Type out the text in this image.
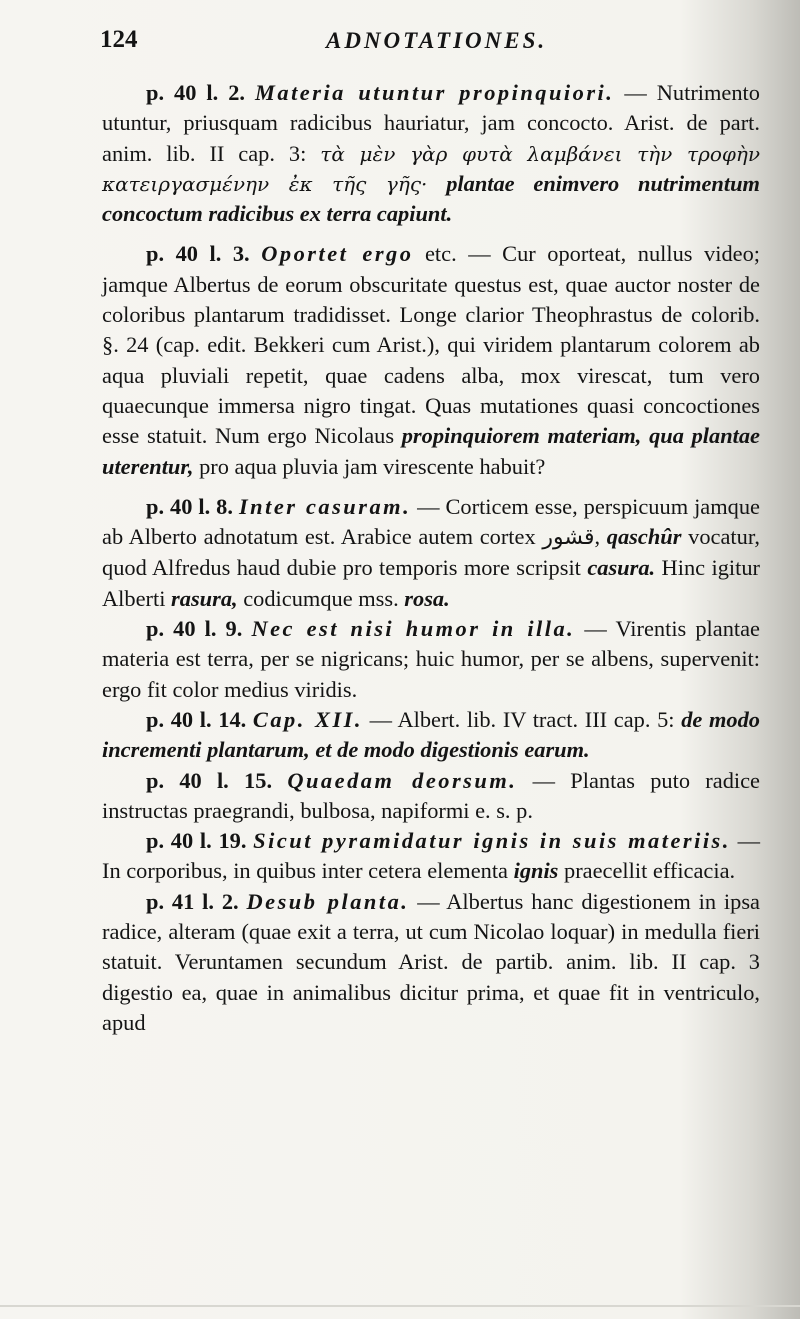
124	ADNOTATIONES.

p. 40 l. 2. Materia utuntur propinquiori. — Nutrimento utuntur, priusquam radicibus hauriatur, jam concocto. Arist. de part. anim. lib. II cap. 3: τὰ μὲν γὰρ φυτὰ λαμβάνει τὴν τροφὴν κατειργασμένην ἐκ τῆς γῆς· plantae enimvero nutrimentum concoctum radicibus ex terra capiunt.

p. 40 l. 3. Oportet ergo etc. — Cur oporteat, nullus video; jamque Albertus de eorum obscuritate questus est, quae auctor noster de coloribus plantarum tradidisset. Longe clarior Theophrastus de colorib. §. 24 (cap. edit. Bekkeri cum Arist.), qui viridem plantarum colorem ab aqua pluviali repetit, quae cadens alba, mox virescat, tum vero quaecunque immersa nigro tingat. Quas mutationes quasi concoctiones esse statuit. Num ergo Nicolaus propinquiorem materiam, qua plantae uterentur, pro aqua pluvia jam virescente habuit?

p. 40 l. 8. Inter casuram. — Corticem esse, perspicuum jamque ab Alberto adnotatum est. Arabice autem cortex قشور, qaschûr vocatur, quod Alfredus haud dubie pro temporis more scripsit casura. Hinc igitur Alberti rasura, codicumque mss. rosa.

p. 40 l. 9. Nec est nisi humor in illa. — Virentis plantae materia est terra, per se nigricans; huic humor, per se albens, supervenit: ergo fit color medius viridis.

p. 40 l. 14. Cap. XII. — Albert. lib. IV tract. III cap. 5: de modo incrementi plantarum, et de modo digestionis earum.

p. 40 l. 15. Quaedam deorsum. — Plantas puto radice instructas praegrandi, bulbosa, napiformi e. s. p.

p. 40 l. 19. Sicut pyramidatur ignis in suis materiis. — In corporibus, in quibus inter cetera elementa ignis praecellit efficacia.

p. 41 l. 2. Desub planta. — Albertus hanc digestionem in ipsa radice, alteram (quae exit a terra, ut cum Nicolao loquar) in medulla fieri statuit. Veruntamen secundum Arist. de partib. anim. lib. II cap. 3 digestio ea, quae in animalibus dicitur prima, et quae fit in ventriculo, apud
